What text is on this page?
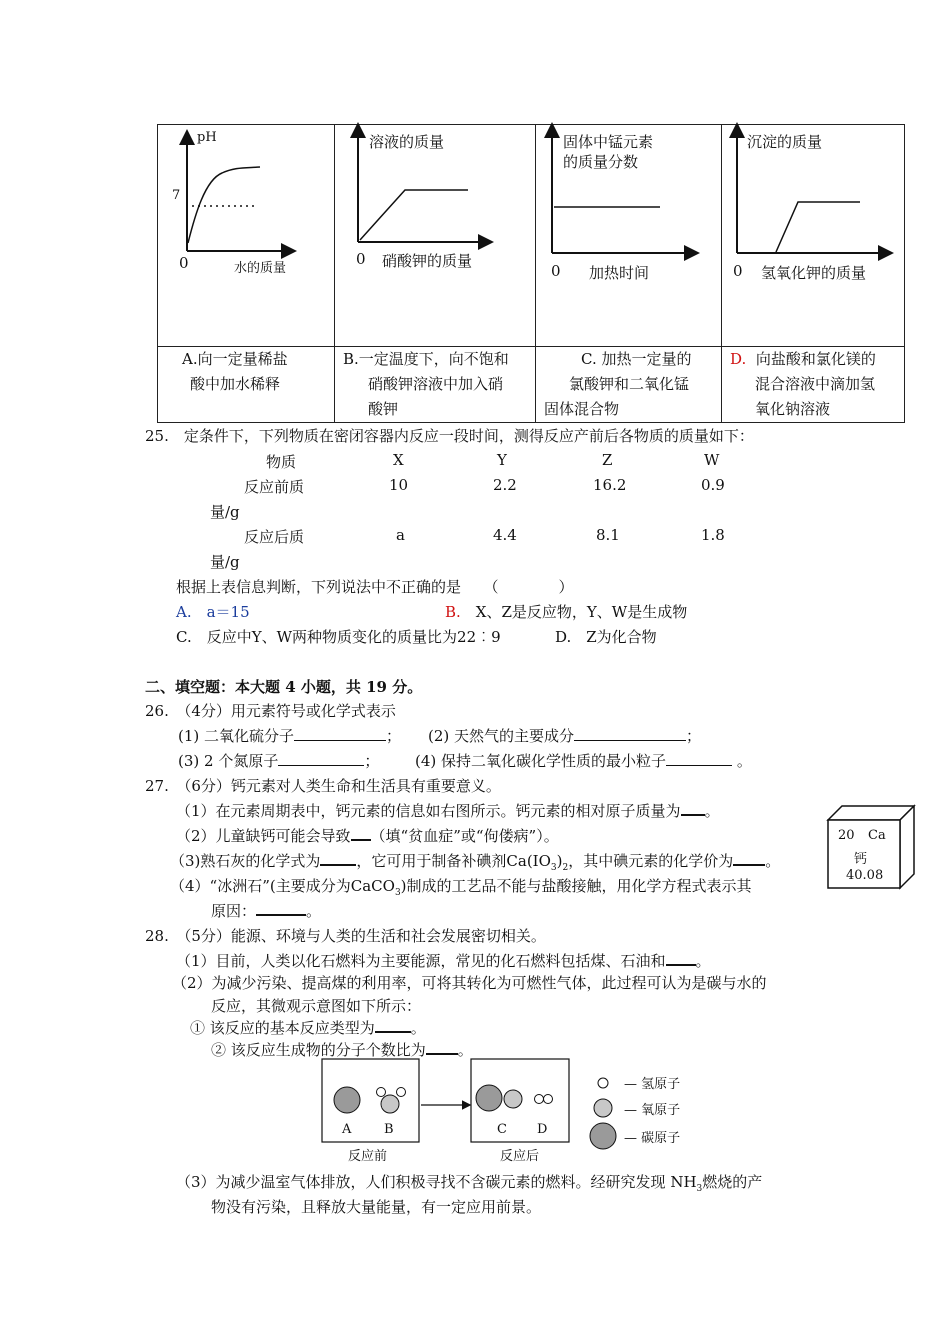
pH
7
0	水的质量
溶液的质量
0 硝酸钾的质量
固体中锰元素
的质量分数
0 加热时间
沉淀的质量
0 氢氧化钾的质量
A.向一定量稀盐
酸中加水稀释
B.一定温度下，向不饱和
硝酸钾溶液中加入硝
酸钾
C. 加热一定量的
氯酸钾和二氧化锰
固体混合物
D. 向盐酸和氯化镁的
混合溶液中滴加氢
氧化钠溶液
25.　定条件下，下列物质在密闭容器内反应一段时间，测得反应产前后各物质的质量如下：
物质	X	Y	Z	W
反应前质	10	2.2	16.2	0.9
量/g
反应后质	a	4.4	8.1	1.8
量/g
根据上表信息判断，下列说法中不正确的是　　（　　　　）
A.　a＝15	B.　X、Z是反应物，Y、W是生成物
C.　反应中Y、W两种物质变化的质量比为22︰9	D.　Z为化合物
二、填空题：本大题 4 小题，共 19 分。
26.　（4分）用元素符号或化学式表示
(1) 二氧化硫分子	； (2) 天然气的主要成分	；
(3) 2 个氮原子	； (4) 保持二氧化碳化学性质的最小粒子	。
27.　（6分）钙元素对人类生命和生活具有重要意义。
（1）在元素周期表中，钙元素的信息如右图所示。钙元素的相对原子质量为 。
（2）儿童缺钙可能会导致 （填“贫血症”或“佝偻病”）。
（3)熟石灰的化学式为 ，它可用于制备补碘剂$Ca(IO_3)_2$，其中碘元素的化学价为 。
（4）“冰洲石”(主要成分为CaCO$_3$)制成的工艺品不能与盐酸接触，用化学方程式表示其
原因：	。
20 Ca
钙
40.08
28.　（5分）能源、环境与人类的生活和社会发展密切相关。
（1）目前，人类以化石燃料为主要能源，常见的化石燃料包括煤、石油和 。
（2）为减少污染、提高煤的利用率，可将其转化为可燃性气体，此过程可认为是碳与水的
反应，其微观示意图如下所示：
① 该反应的基本反应类型为 。
② 该反应生成物的分子个数比为 。
A	B	C D
反应前	反应后
— 氢原子
— 氧原子
— 碳原子
（3）为减少温室气体排放，人们积极寻找不含碳元素的燃料。经研究发现 $NH_3$燃烧的产
物没有污染，且释放大量能量，有一定应用前景。
